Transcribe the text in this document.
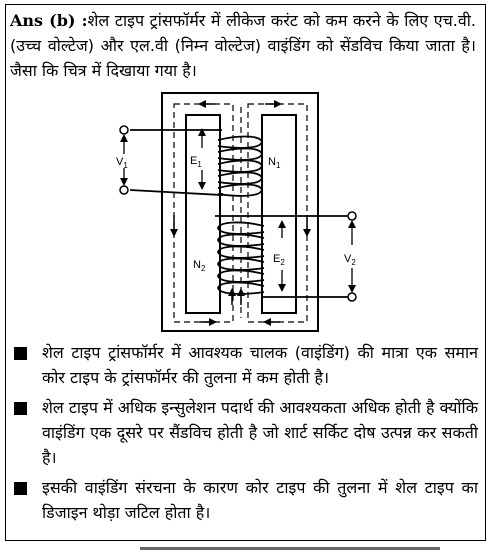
Ans (b) :शेल टाइप ट्रांसफॉर्मर में लीकेज करंट को कम करने के लिए एच.वी. (उच्च वोल्टेज) और एल.वी (निम्न वोल्टेज) वाइंडिंग को सेंडविच किया जाता है। जैसा कि चित्र में दिखाया गया है।

$V_1$	$E_1$	$N_1$
$N_2$
$E_2$	$V_2$
शेल टाइप ट्रांसफॉर्मर में आवश्यक चालक (वाइंडिंग) की मात्रा एक समान कोर टाइप के ट्रांसफॉर्मर की तुलना में कम होती है।
शेल टाइप में अधिक इन्सुलेशन पदार्थ की आवश्यकता अधिक होती है क्योंकि वाइंडिंग एक दूसरे पर सैंडविच होती है जो शार्ट सर्किट दोष उत्पन्न कर सकती है।
इसकी वाइंडिंग संरचना के कारण कोर टाइप की तुलना में शेल टाइप का डिजाइन थोड़ा जटिल होता है।
